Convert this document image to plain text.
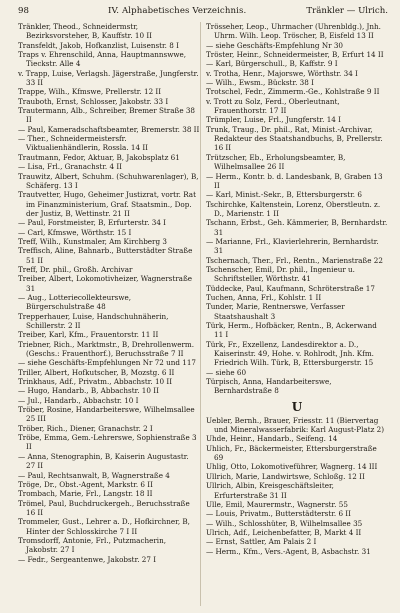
98	IV. Alphabetisches Verzeichnis.	Tränkler — Ulrich.

Tränkler, Theod., Schneidermstr, Bezirksvorsteher, B, Kauffstr. 10 II

Transfeldt, Jakob, Hofkanzlist, Luisenstr. 8 I

Traps v. Ehrenschild, Anna, Hauptmannswwe, Tieckstr. Alle 4

v. Trapp, Luise, Verlagsh. Jägerstraße, Jungferstr. 33 II

Trappe, Wilh., Kfmswe, Prellerstr. 12 II

Trauboth, Ernst, Schlosser, Jakobstr. 33 I

Trautermann, Alb., Schreiber, Bremer Straße 38 II

— Paul, Kameradschaftsbeamter, Bremerstr. 38 II

— Ther., Schneidermeistersfr. Viktualienhändlerin, Rossla. 14 II

Trautmann, Fedor, Aktuar, B, Jakobsplatz 61

— Lisa, Frl., Granachstr. 4 II

Trauwitz, Albert, Schuhm. (Schuhwarenlager), B, Schäferg. 13 I

Trautvetter, Hugo, Geheimer Justizrat, vortr. Rat im Finanzministerium, Graf. Staatsmin., Dop. der Justiz, B, Wettinstr. 21 II

— Paul, Forstmeister, B, Erfurterstr. 34 I

— Carl, Kfmswe, Wörthstr. 15 I

Treff, Wilh., Kunstmaler, Am Kirchberg 3

Treffisch, Aline, Bahnarb., Butterstädter Straße 51 II

Treff, Dr. phil., Großh. Archivar

Treiber, Albert, Lokomotivheizer, Wagnerstraße 31

— Aug., Lotteriecollekteurswe, Bürgerschulstraße 48

Trepperhauer, Luise, Handschuhnäherin, Schillerstr. 2 II

Treiber, Karl, Kfm., Frauentorstr. 11 II

Triebner, Rich., Marktmstr., B, Drehrollenwerm. (Geschs.: Frauenthorf.), Beruchsstraße 7 II

— siehe Geschäfts-Empfehlungen Nr 72 und 117

Triller, Albert, Hofkutscher, B, Mozstg. 6 II

Trinkhaus, Adf., Privatm., Abbachstr. 10 II

— Hugo, Handarb., B, Abbachstr. 10 II

— Jul., Handarb., Abbachstr. 10 I

Tröber, Rosine, Handarbeiterswe, Wilhelmsallee 25 III

Tröber, Rich., Diener, Granachstr. 2 I

Tröbe, Emma, Gem.-Lehrerswe, Sophienstraße 3 II

— Anna, Stenographin, B, Kaiserin Augustastr. 27 II

— Paul, Rechtsanwalt, B, Wagnerstraße 4

Tröge, Dr., Obst.-Agent, Markstr. 6 II

Trombach, Marie, Frl., Langstr. 18 II

Trömel, Paul, Buchdruckergeh., Beruchsstraße 16 II

Trommeler, Gust., Lehrer a. D., Hofkirchner, B, Hinter der Schlosskirche 7 I II

Tromsdorff, Antonie, Frl., Putzmacherin, Jakobstr. 27 I

— Fedr., Sergeantenwe, Jakobstr. 27 I

Trösseher, Leop., Uhrmacher (Uhrenbldg.), Jnh. Uhrm. Wilh. Leop. Tröscher, B, Eisfeld 13 II

— siehe Geschäfts-Empfehlung Nr 30

Tröster, Heinr., Schneidermeister, B, Erfurt 14 II

— Karl, Bürgerschull., B, Kaffstr. 9 I

v. Trotha, Henr., Majorswe, Wörthstr. 34 I

— Wilh., Ewsm., Bückstr. 38 I

Trotschel, Fedr., Zimmerm.-Ge., Kohlstraße 9 II

v. Trott zu Solz, Ferd., Oberleutnant, Frauenthorstr. 17 II

Trümpler, Luise, Frl., Jungferstr. 14 I

Trunk, Traug., Dr. phil., Rat, Minist.-Archivar, Redakteur des Staatshandbuchs, B, Prellerstr. 16 II

Trützscher, Eb., Erholungsbeamter, B, Wilhelmsallee 26 II

— Herm., Kontr. b. d. Landesbank, B, Graben 13 II

— Karl, Minist.-Sekr., B, Ettersburgerstr. 6

Tschirchke, Kaltenstein, Lorenz, Oberstleutn. z. D., Marienstr. 1 II

Tschann, Erbst., Geh. Kämmerier, B, Bernhardstr. 31

— Marianne, Frl., Klavierlehrerin, Bernhardstr. 31

Tschernach, Ther., Frl., Rentn., Marienstraße 22

Tschenscher, Emil, Dr. phil., Ingenieur u. Schriftsteller, Wörthstr. 41

Tüddecke, Paul, Kaufmann, Schröterstraße 17

Tuchen, Anna, Frl., Kohlstr. 1 II

Tunder, Marie, Rentnerswe, Verfasser Staatshaushalt 3

Türk, Herm., Hofbäcker, Rentn., B, Ackerwand 11 I

Türk, Fr., Exzellenz, Landesdirektor a. D., Kaiserinstr. 49, Hohe. v. Rohlrodt, Jnh. Kfm. Friedrich Wilh. Türk, B, Ettersburgerstr. 15

— siehe 60

Türpisch, Anna, Handarbeiterswe, Bernhardstraße 8

U

Uebler, Bernh., Brauer, Friesstr. 11 (Biervertag und Mineralwasserfabrik: Karl August-Platz 2)

Uhde, Heinr., Handarb., Seifeng. 14

Uhlich, Fr., Bäckermeister, Ettersburgerstraße 69

Uhlig, Otto, Lokomotiveführer, Wagnerg. 14 III

Ullrich, Marie, Landwirtswe, Schloßg. 12 II

Ullrich, Albin, Kreisgeschäftsleiter, Erfurterstraße 31 II

Ulle, Emil, Maurermstr., Wagnerstr. 55

— Louis, Privatm., Butterstädterstr. 6 II

— Wilh., Schlosshüter, B, Wilhelmsallee 35

Ulrich, Adf., Leichenbefatter, B, Markt 4 II

— Ernst, Sattler, Am Palais 2 I

— Herm., Kfm., Vers.-Agent, B, Asbachstr. 31
